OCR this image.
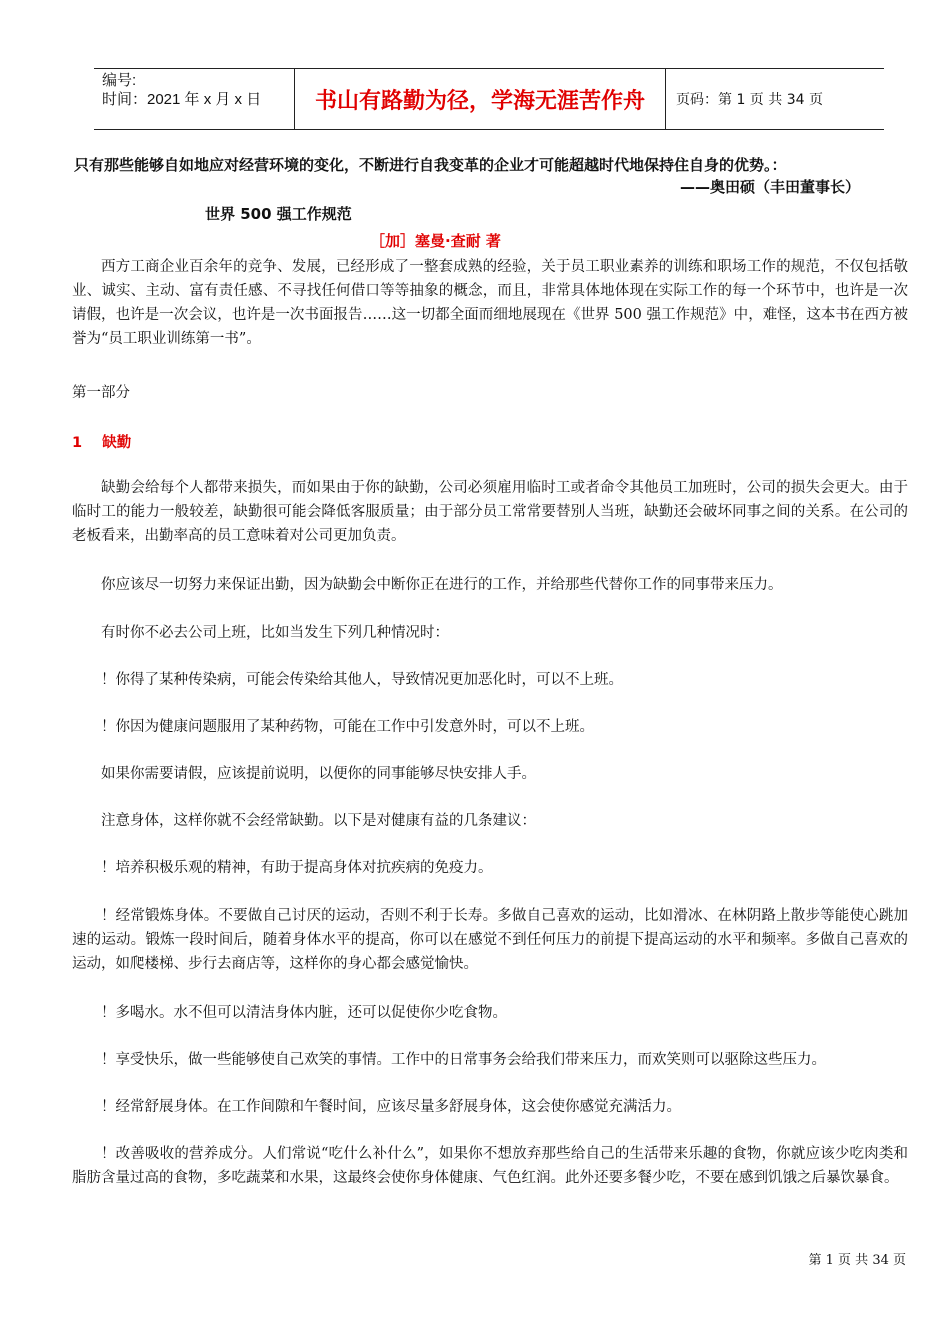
编号:
时间：2021 年 x 月 x 日	书山有路勤为径，学海无涯苦作舟	页码：第 1 页 共 34 页
只有那些能够自如地应对经营环境的变化，不断进行自我变革的企业才可能超越时代地保持住自身的优势。：
——奥田硕（丰田董事长）
世界 500 强工作规范
［加］塞曼·查耐 著
西方工商企业百余年的竞争、发展，已经形成了一整套成熟的经验，关于员工职业素养的训练和职场工作的规范，不仅包括敬业、诚实、主动、富有责任感、不寻找任何借口等等抽象的概念，而且，非常具体地体现在实际工作的每一个环节中，也许是一次请假，也许是一次会议，也许是一次书面报告……这一切都全面而细地展现在《世界 500 强工作规范》中，难怪，这本书在西方被誉为“员工职业训练第一书”。
第一部分
1 缺勤
缺勤会给每个人都带来损失，而如果由于你的缺勤，公司必须雇用临时工或者命令其他员工加班时，公司的损失会更大。由于临时工的能力一般较差，缺勤很可能会降低客服质量；由于部分员工常常要替别人当班，缺勤还会破坏同事之间的关系。在公司的老板看来，出勤率高的员工意味着对公司更加负责。
你应该尽一切努力来保证出勤，因为缺勤会中断你正在进行的工作，并给那些代替你工作的同事带来压力。
有时你不必去公司上班，比如当发生下列几种情况时：
！你得了某种传染病，可能会传染给其他人，导致情况更加恶化时，可以不上班。
！你因为健康问题服用了某种药物，可能在工作中引发意外时，可以不上班。
如果你需要请假，应该提前说明，以便你的同事能够尽快安排人手。
注意身体，这样你就不会经常缺勤。以下是对健康有益的几条建议：
！培养积极乐观的精神，有助于提高身体对抗疾病的免疫力。
！经常锻炼身体。不要做自己讨厌的运动，否则不利于长寿。多做自己喜欢的运动，比如滑冰、在林阴路上散步等能使心跳加速的运动。锻炼一段时间后，随着身体水平的提高，你可以在感觉不到任何压力的前提下提高运动的水平和频率。多做自己喜欢的运动，如爬楼梯、步行去商店等，这样你的身心都会感觉愉快。
！多喝水。水不但可以清洁身体内脏，还可以促使你少吃食物。
！享受快乐，做一些能够使自己欢笑的事情。工作中的日常事务会给我们带来压力，而欢笑则可以驱除这些压力。
！经常舒展身体。在工作间隙和午餐时间，应该尽量多舒展身体，这会使你感觉充满活力。
！改善吸收的营养成分。人们常说“吃什么补什么”，如果你不想放弃那些给自己的生活带来乐趣的食物，你就应该少吃肉类和脂肪含量过高的食物，多吃蔬菜和水果，这最终会使你身体健康、气色红润。此外还要多餐少吃，不要在感到饥饿之后暴饮暴食。
第 1 页 共 34 页
